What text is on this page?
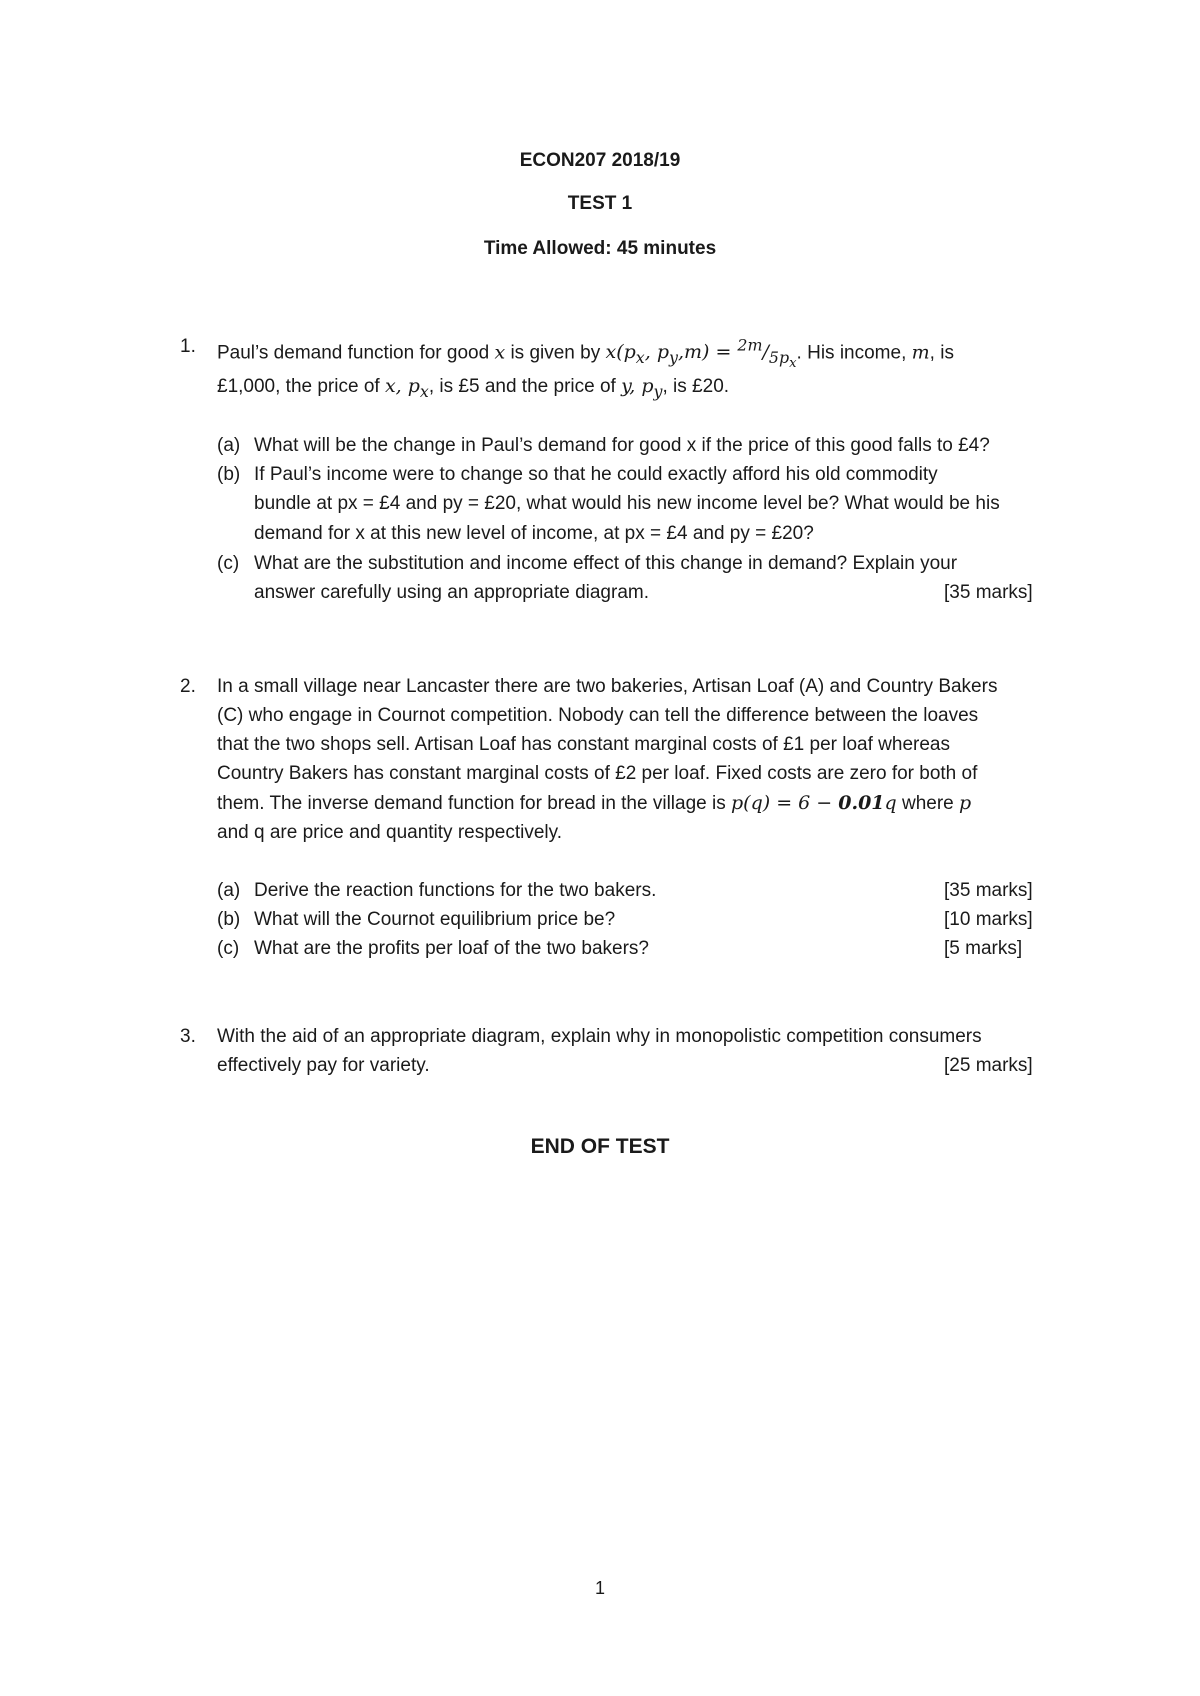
ECON207 2018/19
TEST 1
Time Allowed: 45 minutes
1. Paul’s demand function for good x is given by $x(p_x$, $p_y,m) = ^{2m}/_{5p_x}$. His income, m, is
£1,000, the price of x, $p_x$, is £5 and the price of y, $p_y$, is £20.
(a) What will be the change in Paul’s demand for good x if the price of this good falls to £4?
(b) If Paul’s income were to change so that he could exactly afford his old commodity
bundle at px = £4 and py = £20, what would his new income level be? What would be his
demand for x at this new level of income, at px = £4 and py = £20?
(c) What are the substitution and income effect of this change in demand? Explain your
answer carefully using an appropriate diagram.	[35 marks]
2. In a small village near Lancaster there are two bakeries, Artisan Loaf (A) and Country Bakers
(C) who engage in Cournot competition. Nobody can tell the difference between the loaves
that the two shops sell. Artisan Loaf has constant marginal costs of £1 per loaf whereas
Country Bakers has constant marginal costs of £2 per loaf. Fixed costs are zero for both of
them. The inverse demand function for bread in the village is p(q) = 6 − 0.01q where p
and q are price and quantity respectively.
(a) Derive the reaction functions for the two bakers.	[35 marks]
(b) What will the Cournot equilibrium price be?	[10 marks]
(c) What are the profits per loaf of the two bakers?	[5 marks]
3. With the aid of an appropriate diagram, explain why in monopolistic competition consumers
effectively pay for variety.	[25 marks]
END OF TEST
1
